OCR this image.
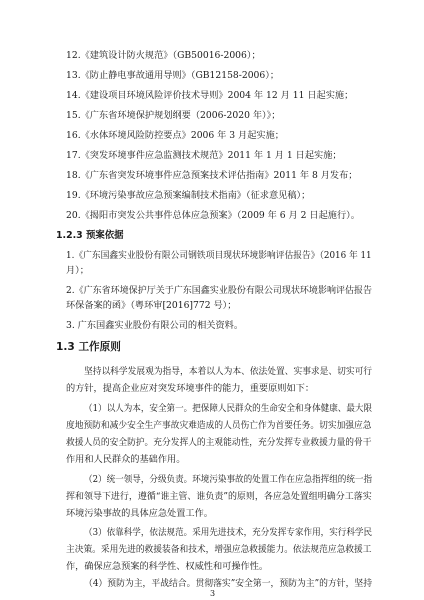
12.《建筑设计防火规范》（GB50016-2006）；
13.《防止静电事故通用导则》（GB12158-2006）；
14.《建设项目环境风险评价技术导则》2004 年 12 月 11 日起实施；
15.《广东省环境保护规划纲要（2006-2020 年）》；
16.《水体环境风险防控要点》2006 年 3 月起实施；
17.《突发环境事件应急监测技术规范》2011 年 1 月 1 日起实施；
18.《广东省突发环境事件应急预案技术评估指南》2011 年 8 月发布；
19.《环境污染事故应急预案编制技术指南》（征求意见稿）；
20.《揭阳市突发公共事件总体应急预案》（2009 年 6 月 2 日起施行）。
1.2.3 预案依据
1.《广东国鑫实业股份有限公司钢铁项目现状环境影响评估报告》（2016 年 11
月）；
2.《广东省环境保护厅关于广东国鑫实业股份有限公司现状环境影响评估报告
环保备案的函》（粤环审[2016]772 号）；
3. 广东国鑫实业股份有限公司的相关资料。
1.3 工作原则
坚持以科学发展观为指导，本着以人为本、依法处置、实事求是、切实可行
的方针，提高企业应对突发环境事件的能力，重要原则如下：
（1）以人为本，安全第一。把保障人民群众的生命安全和身体健康、最大限
度地预防和减少安全生产事故灾难造成的人员伤亡作为首要任务。切实加强应急
救援人员的安全防护。充分发挥人的主观能动性，充分发挥专业救援力量的骨干
作用和人民群众的基础作用。
（2）统一领导，分级负责。环境污染事故的处置工作在应急指挥组的统一指
挥和领导下进行，遵循“谁主管、谁负责”的原则，各应急处置组明确分工落实
环境污染事故的具体应急处置工作。
（3）依靠科学，依法规范。采用先进技术，充分发挥专家作用，实行科学民
主决策。采用先进的救援装备和技术，增强应急救援能力。依法规范应急救援工
作，确保应急预案的科学性、权威性和可操作性。
（4）预防为主，平战结合。贯彻落实”安全第一，预防为主”的方针，坚持
3
